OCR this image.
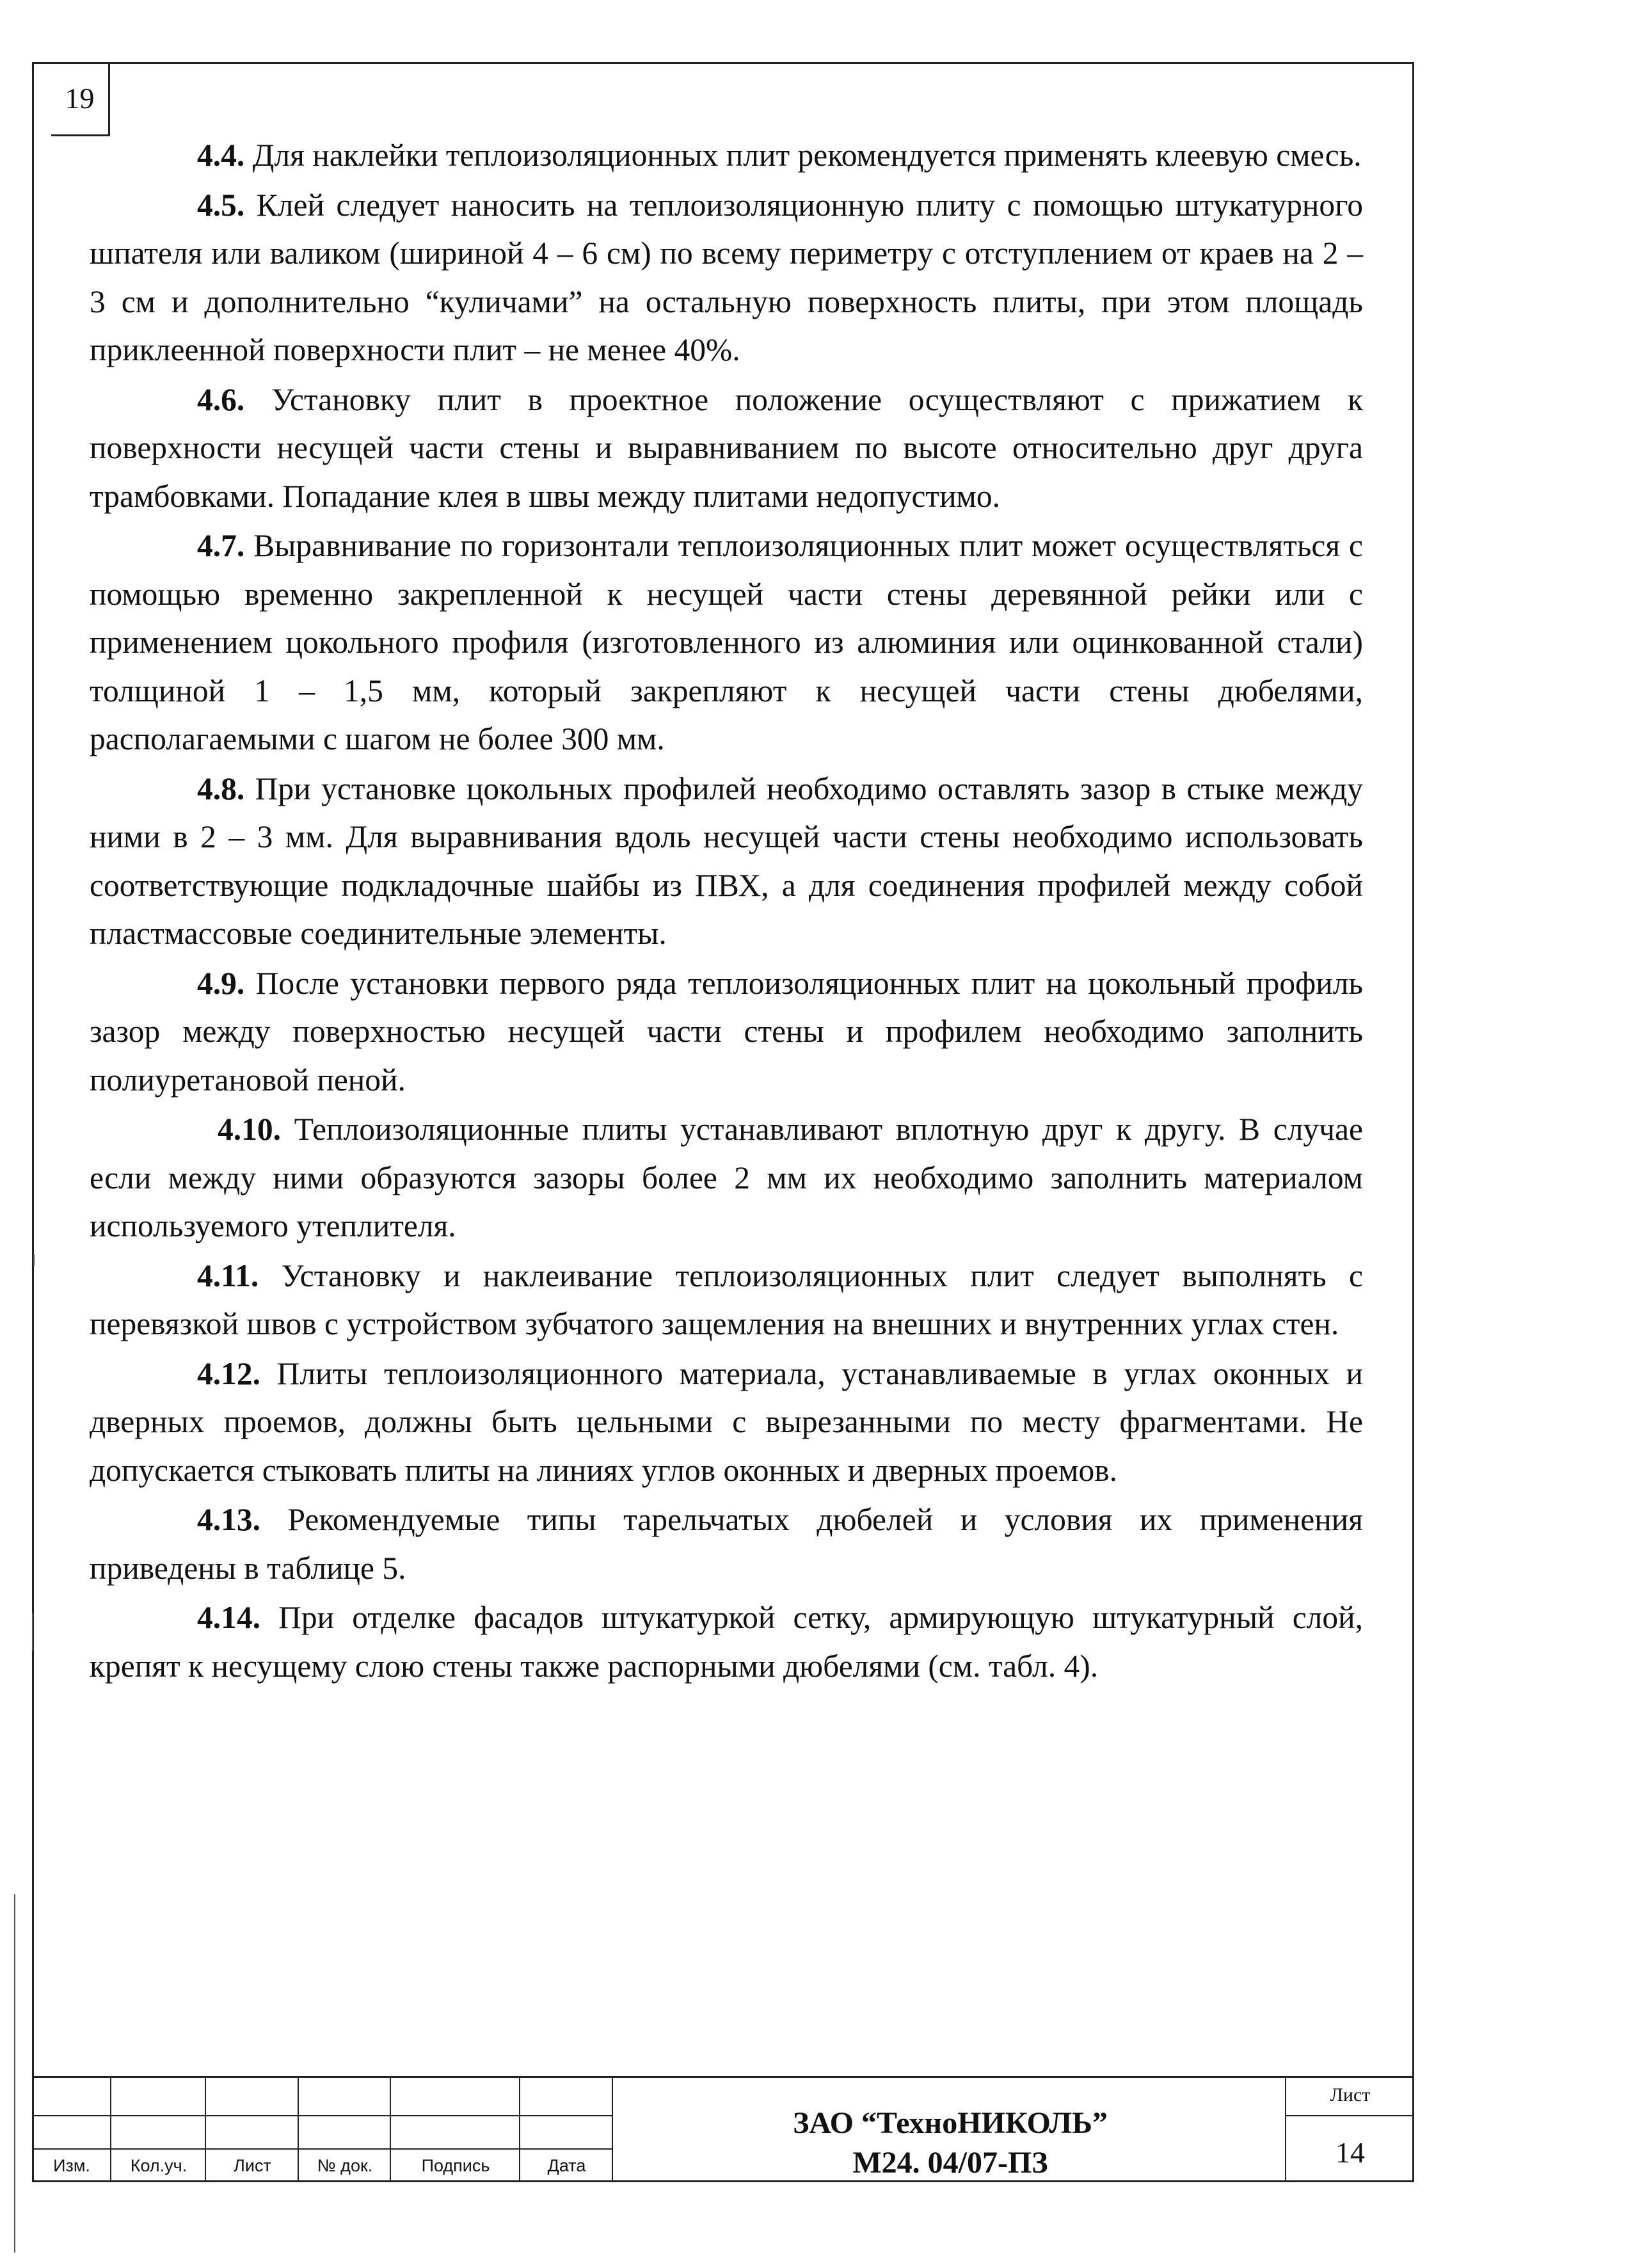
19

4.4. Для наклейки теплоизоляционных плит рекомендуется применять клеевую смесь.

4.5. Клей следует наносить на теплоизоляционную плиту с помощью штукатурного шпателя или валиком (шириной 4 – 6 см) по всему периметру с отступлением от краев на 2 – 3 см и дополнительно “куличами” на остальную поверхность плиты, при этом площадь приклеенной поверхности плит – не менее 40%.

4.6. Установку плит в проектное положение осуществляют с прижатием к поверхности несущей части стены и выравниванием по высоте относительно друг друга трамбовками. Попадание клея в швы между плитами недопустимо.

4.7. Выравнивание по горизонтали теплоизоляционных плит может осуществляться с помощью временно закрепленной к несущей части стены деревянной рейки или с применением цокольного профиля (изготовленного из алюминия или оцинкованной стали) толщиной 1 – 1,5 мм, который закрепляют к несущей части стены дюбелями, располагаемыми с шагом не более 300 мм.

4.8. При установке цокольных профилей необходимо оставлять зазор в стыке между ними в 2 – 3 мм. Для выравнивания вдоль несущей части стены необходимо использовать соответствующие подкладочные шайбы из ПВХ, а для соединения профилей между собой пластмассовые соединительные элементы.

4.9. После установки первого ряда теплоизоляционных плит на цокольный профиль зазор между поверхностью несущей части стены и профилем необходимо заполнить полиуретановой пеной.

4.10. Теплоизоляционные плиты устанавливают вплотную друг к другу. В случае если между ними образуются зазоры более 2 мм их необходимо заполнить материалом используемого утеплителя.

4.11. Установку и наклеивание теплоизоляционных плит следует выполнять с перевязкой швов с устройством зубчатого защемления на внешних и внутренних углах стен.

4.12. Плиты теплоизоляционного материала, устанавливаемые в углах оконных и дверных проемов, должны быть цельными с вырезанными по месту фрагментами. Не допускается стыковать плиты на линиях углов оконных и дверных проемов.

4.13. Рекомендуемые типы тарельчатых дюбелей и условия их применения приведены в таблице 5.

4.14. При отделке фасадов штукатуркой сетку, армирующую штукатурный слой, крепят к несущему слою стены также распорными дюбелями (см. табл. 4).

Изм.	Кол.уч.	Лист	№ док.	Подпись	Дата
ЗАО “ТехноНИКОЛЬ”
М24. 04/07-ПЗ
Лист
14
